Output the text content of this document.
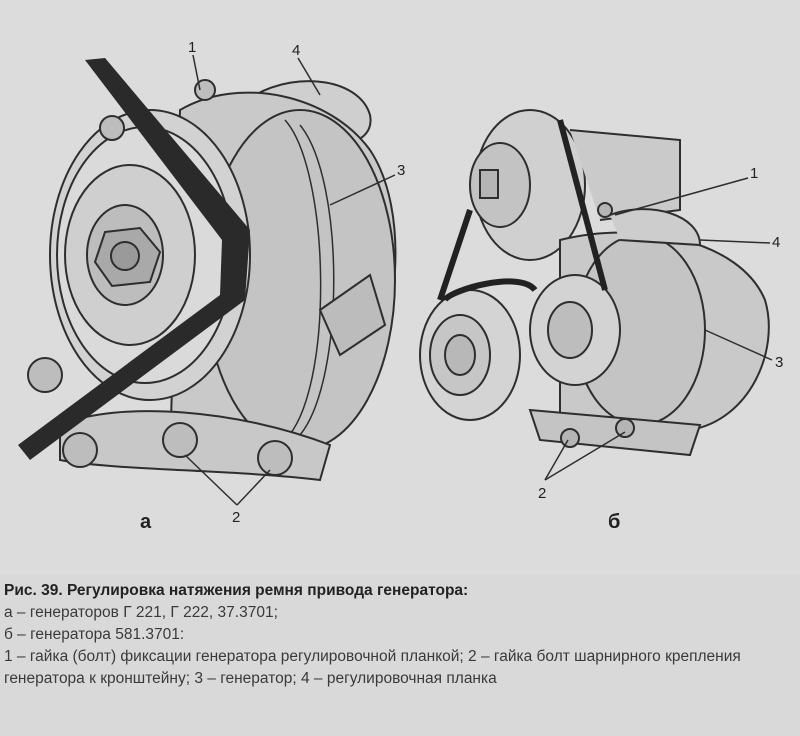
1	4
3
2
а
1
4
3
2
б

Рис. 39. Регулировка натяжения ремня привода генератора:

а – генераторов Г 221, Г 222, 37.3701;

б – генератора 581.3701:

1 – гайка (болт) фиксации генератора регулировочной планкой; 2 – гайка болт шарнирного крепления генератора к кронштейну; 3 – генератор; 4 – регулировочная планка
